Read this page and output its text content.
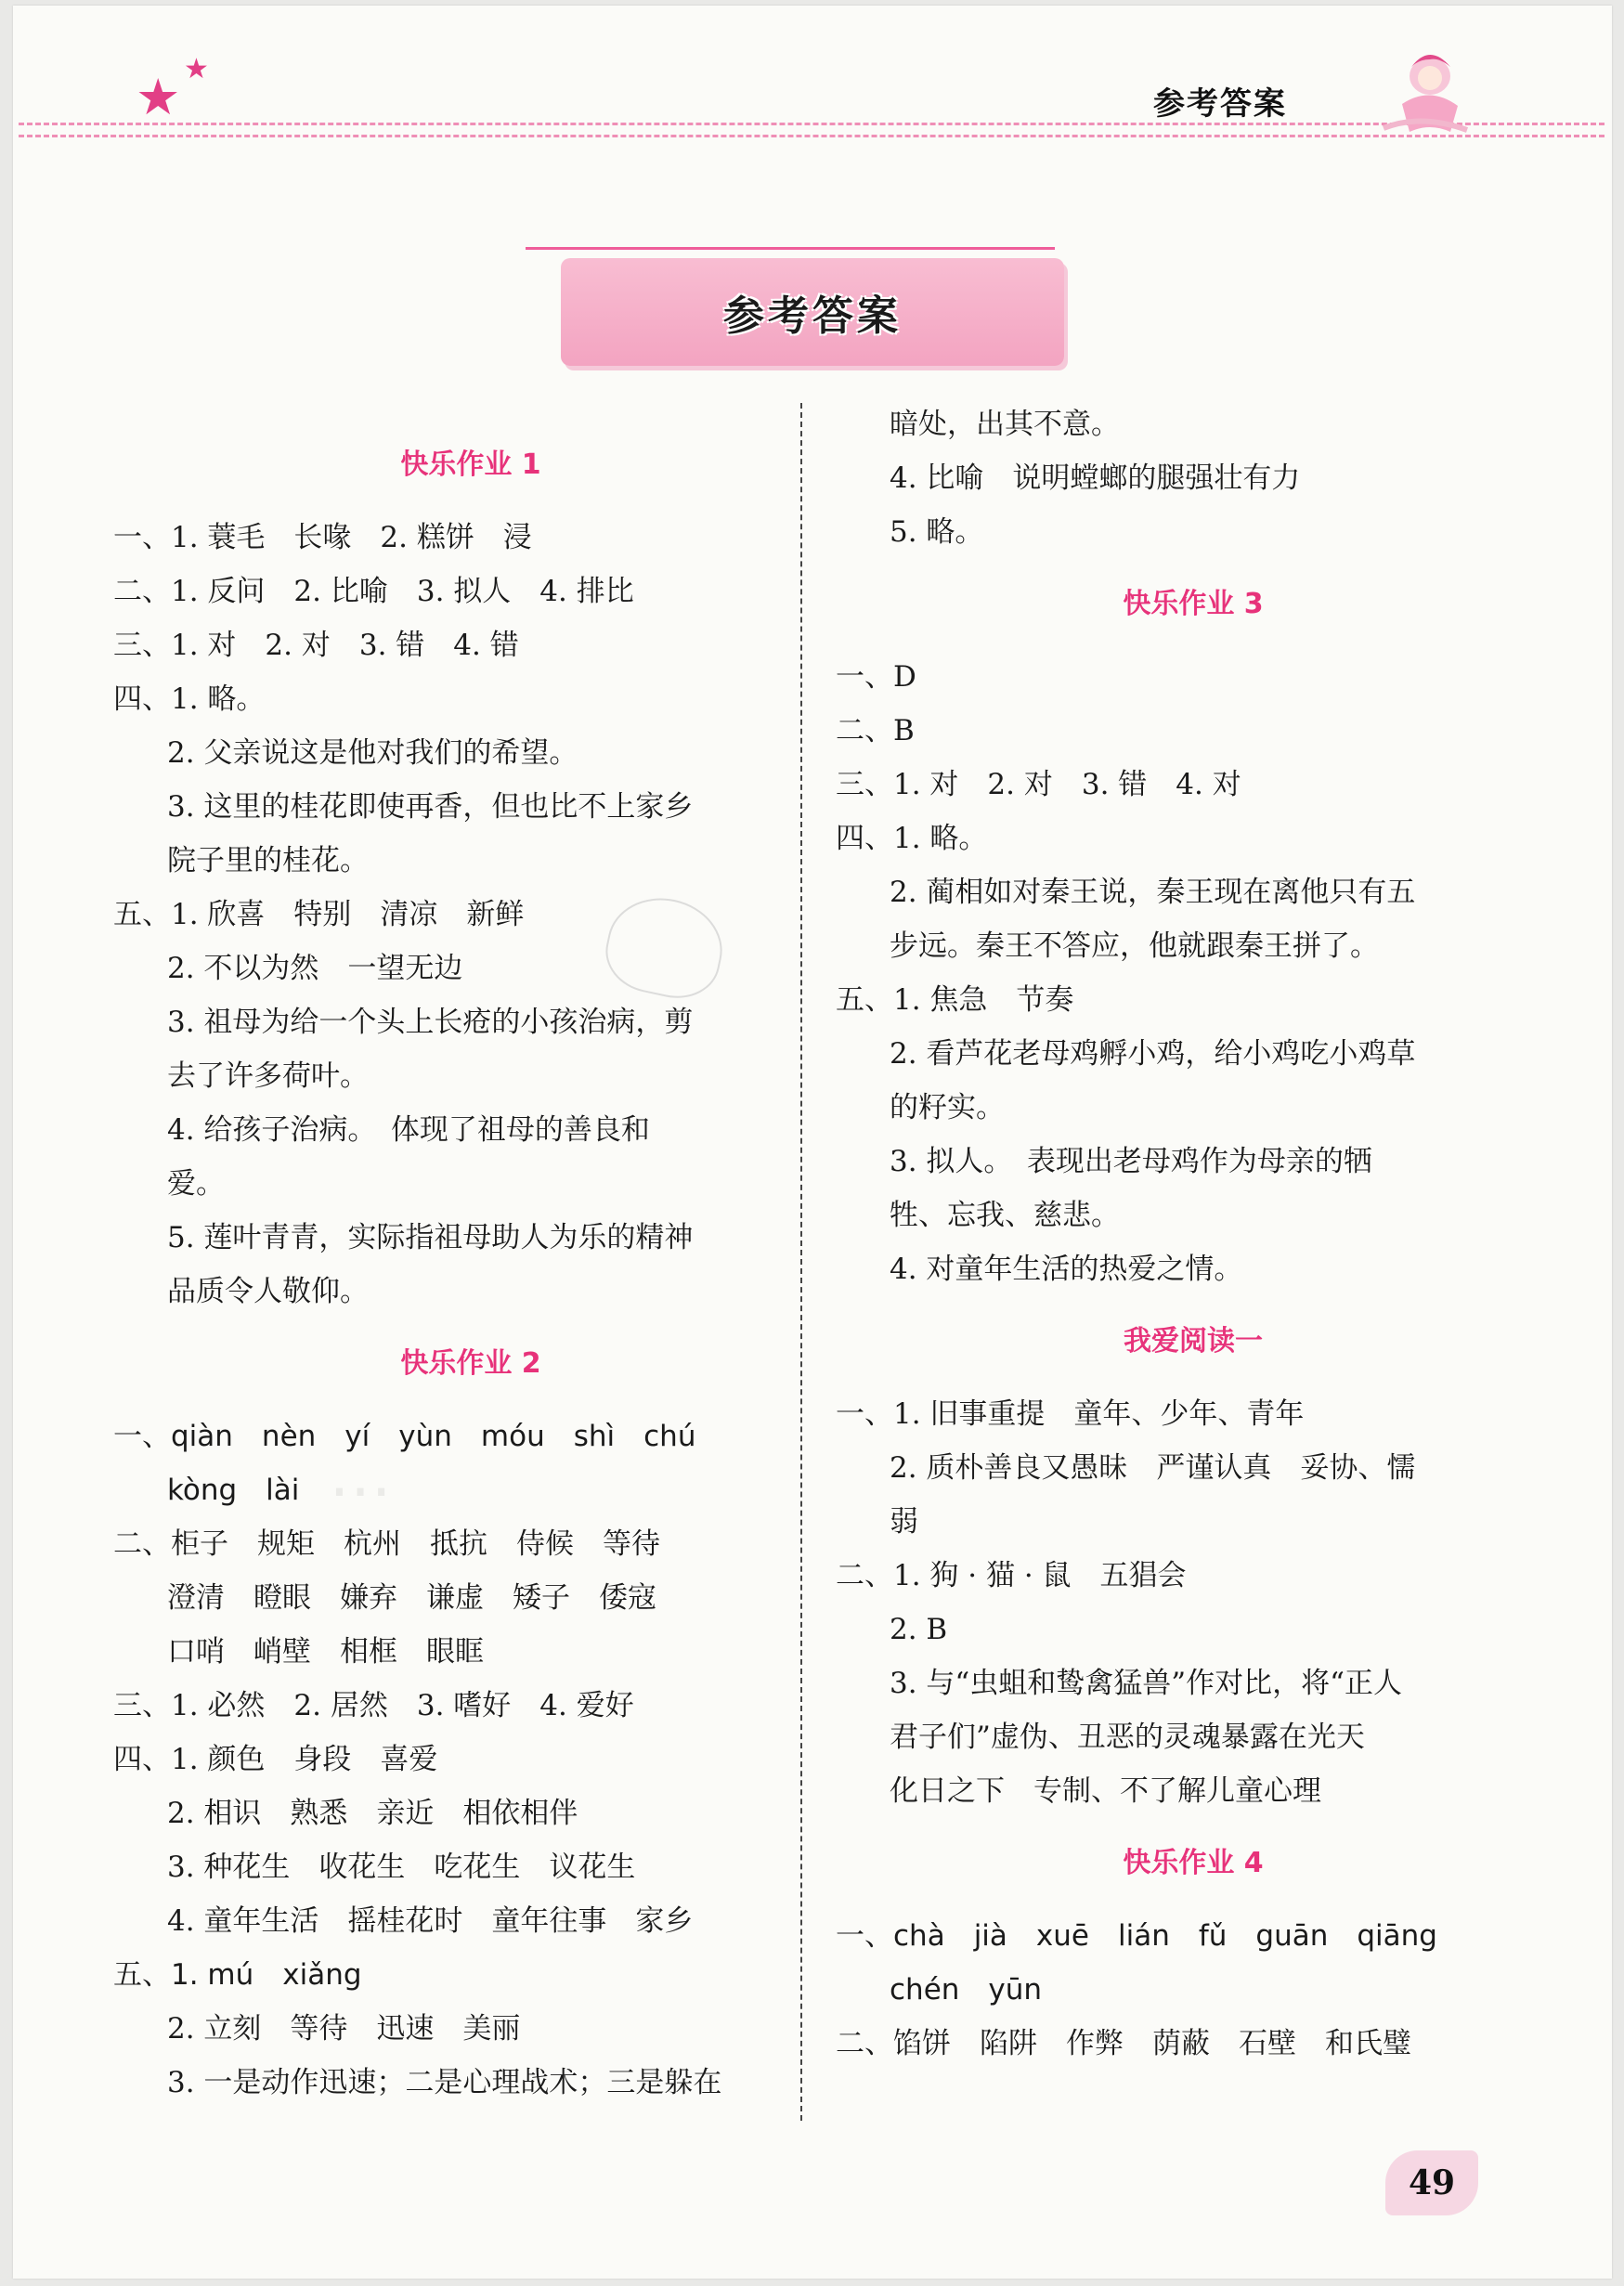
★ ★
参考答案
参考答案
⋯
快乐作业 1
一、1. 蓑毛　长喙　2. 糕饼　浸
二、1. 反问　2. 比喻　3. 拟人　4. 排比
三、1. 对　2. 对　3. 错　4. 错
四、1. 略。
2. 父亲说这是他对我们的希望。
3. 这里的桂花即使再香，但也比不上家乡
院子里的桂花。
五、1. 欣喜　特别　清凉　新鲜
2. 不以为然　一望无边
3. 祖母为给一个头上长疮的小孩治病，剪
去了许多荷叶。
4. 给孩子治病。　体现了祖母的善良和
爱。
5. 莲叶青青，实际指祖母助人为乐的精神
品质令人敬仰。
快乐作业 2
一、qiàn　nèn　yí　yùn　móu　shì　chú
kòng　lài
二、柜子　规矩　杭州　抵抗　侍候　等待
澄清　瞪眼　嫌弃　谦虚　矮子　倭寇
口哨　峭壁　相框　眼眶
三、1. 必然　2. 居然　3. 嗜好　4. 爱好
四、1. 颜色　身段　喜爱
2. 相识　熟悉　亲近　相依相伴
3. 种花生　收花生　吃花生　议花生
4. 童年生活　摇桂花时　童年往事　家乡
五、1. mú　xiǎng
2. 立刻　等待　迅速　美丽
3. 一是动作迅速；二是心理战术；三是躲在
暗处，出其不意。
4. 比喻　说明螳螂的腿强壮有力
5. 略。
快乐作业 3
一、D
二、B
三、1. 对　2. 对　3. 错　4. 对
四、1. 略。
2. 蔺相如对秦王说，秦王现在离他只有五
步远。秦王不答应，他就跟秦王拼了。
五、1. 焦急　节奏
2. 看芦花老母鸡孵小鸡，给小鸡吃小鸡草
的籽实。
3. 拟人。　表现出老母鸡作为母亲的牺
牲、忘我、慈悲。
4. 对童年生活的热爱之情。
我爱阅读一
一、1. 旧事重提　童年、少年、青年
2. 质朴善良又愚昧　严谨认真　妥协、懦
弱
二、1. 狗 · 猫 · 鼠　五猖会
2. B
3. 与“虫蛆和鸷禽猛兽”作对比，将“正人
君子们”虚伪、丑恶的灵魂暴露在光天
化日之下　专制、不了解儿童心理
快乐作业 4
一、chà　jià　xuē　lián　fǔ　guān　qiāng
chén　yūn
二、馅饼　陷阱　作弊　荫蔽　石壁　和氏璧
49
